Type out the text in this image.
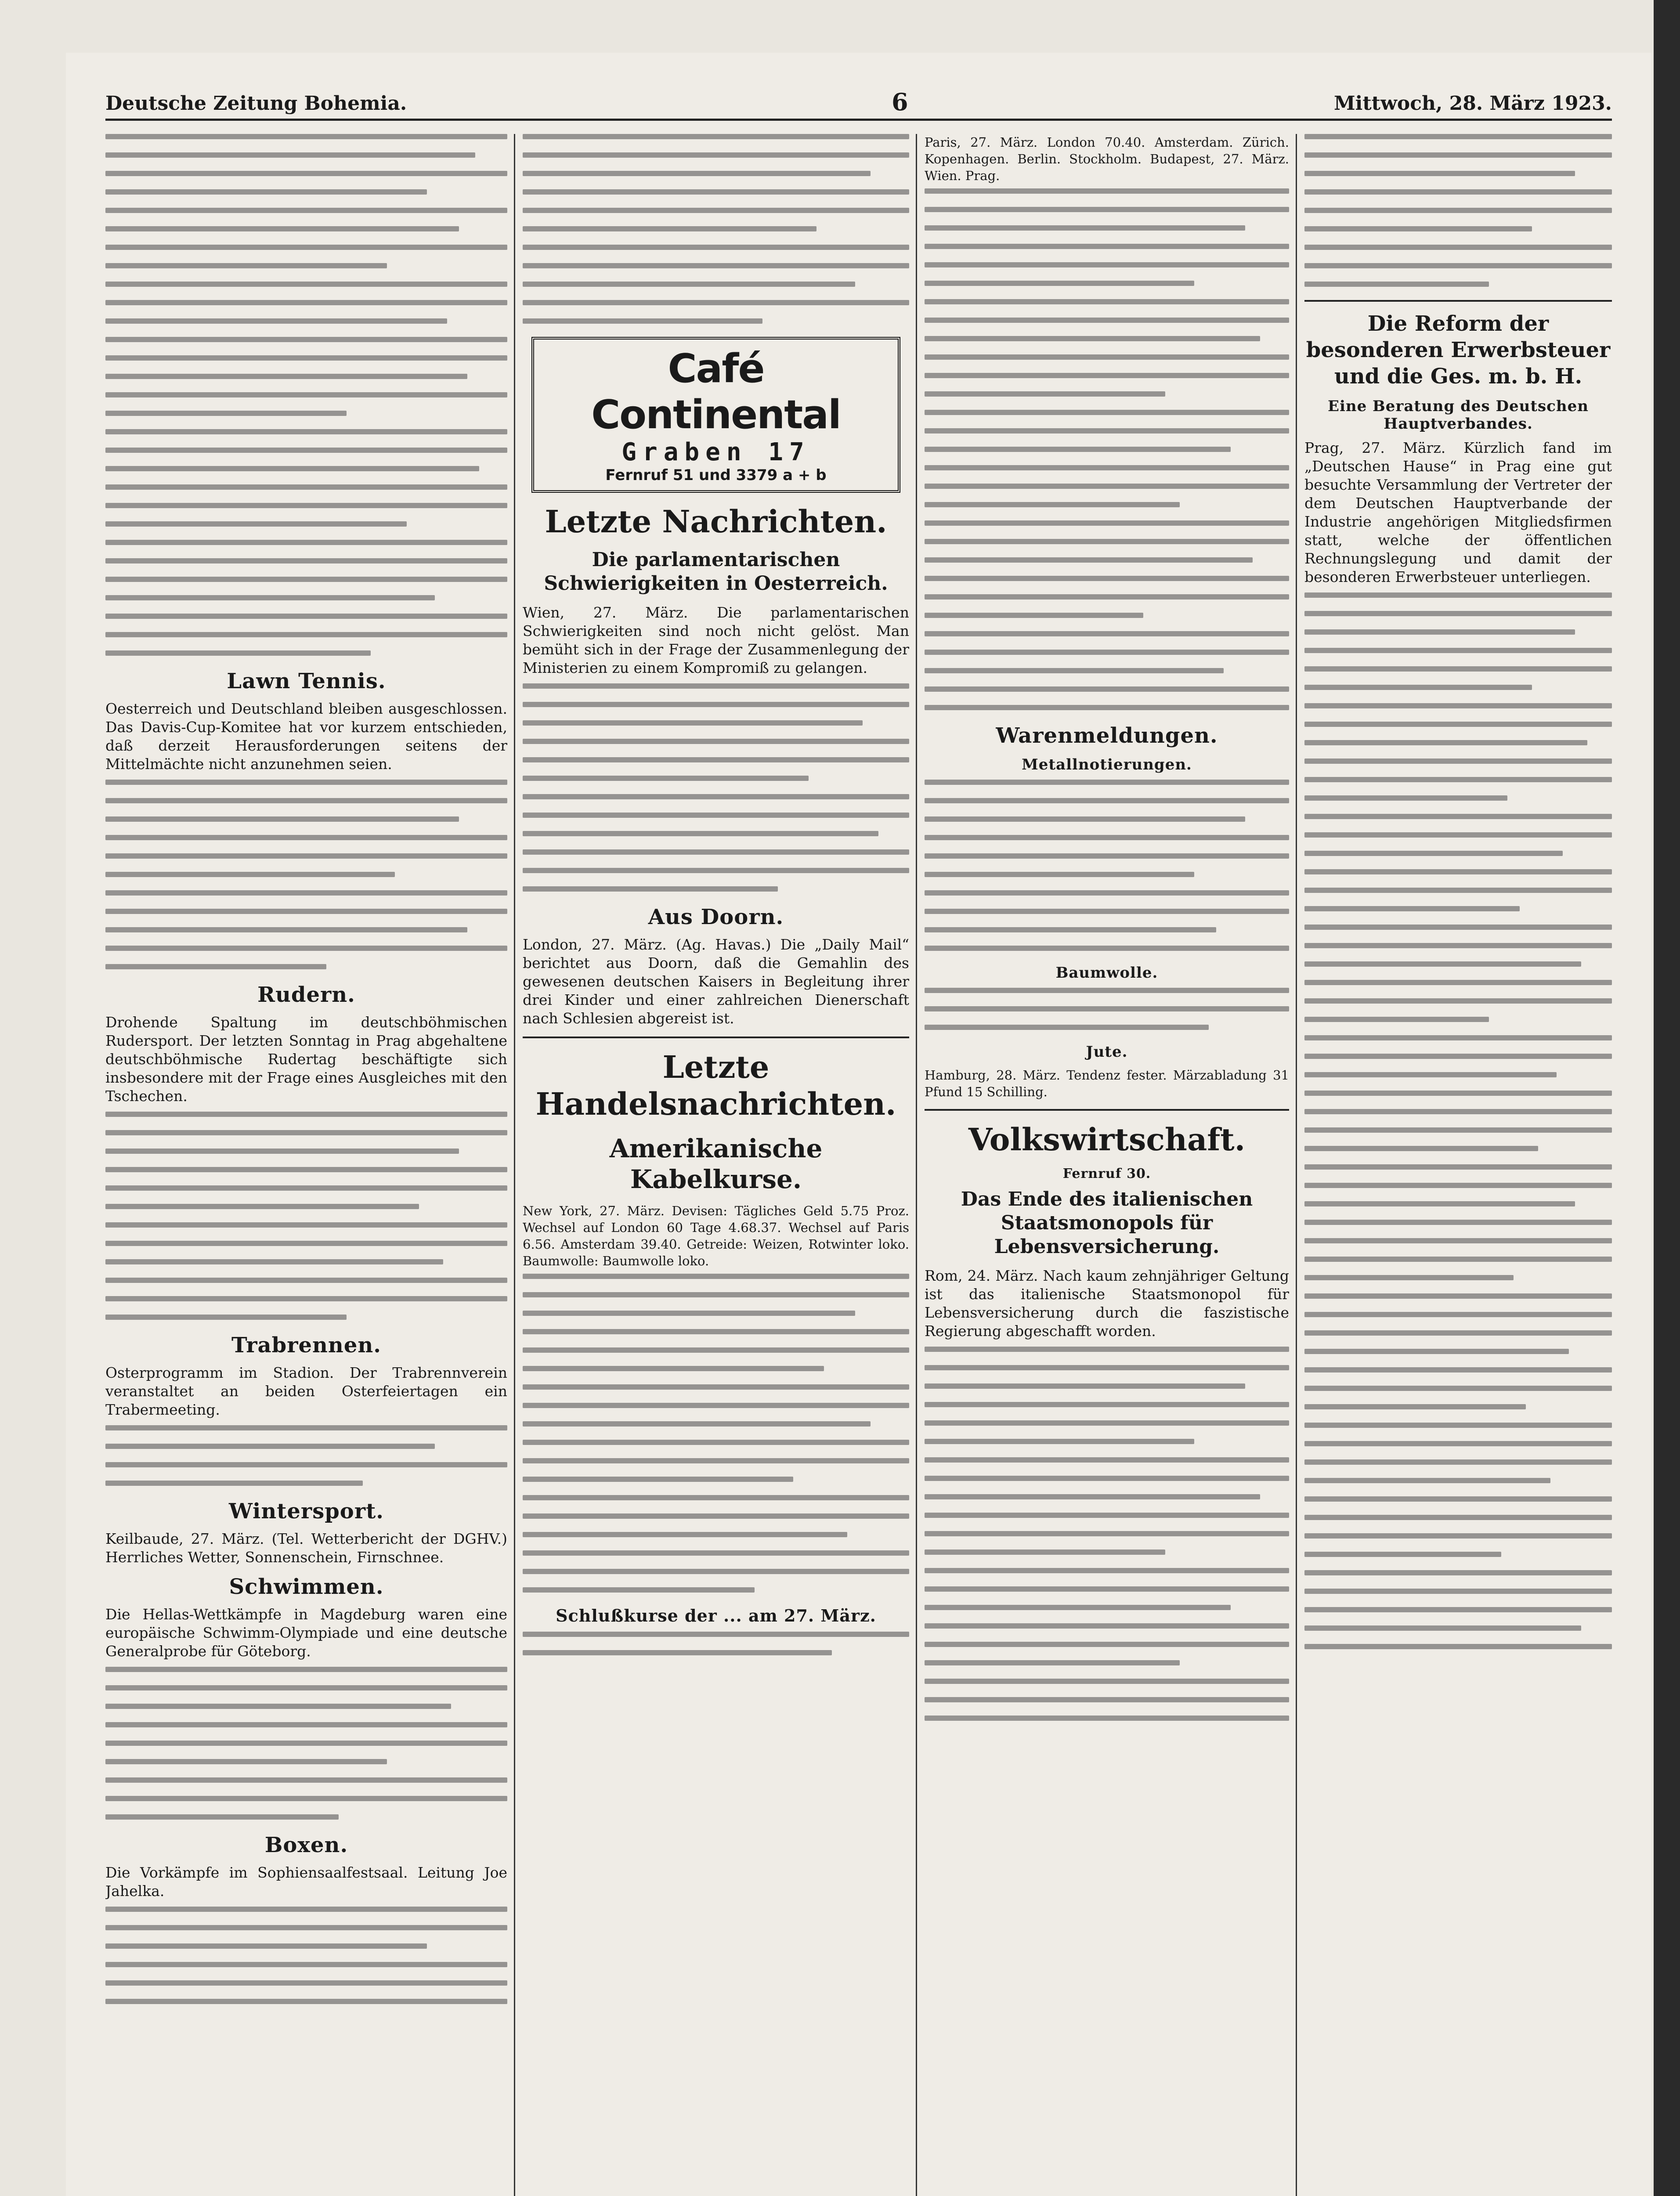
Deutsche Zeitung Bohemia.	6	Mittwoch, 28. März 1923.
Lawn Tennis.

Oesterreich und Deutschland bleiben ausgeschlossen. Das Davis-Cup-Komitee hat vor kurzem entschieden, daß derzeit Herausforderungen seitens der Mittelmächte nicht anzunehmen seien.

Rudern.

Drohende Spaltung im deutschböhmischen Rudersport. Der letzten Sonntag in Prag abgehaltene deutschböhmische Rudertag beschäftigte sich insbesondere mit der Frage eines Ausgleiches mit den Tschechen.

Trabrennen.

Osterprogramm im Stadion. Der Trabrennverein veranstaltet an beiden Osterfeiertagen ein Trabermeeting.

Wintersport.

Keilbaude, 27. März. (Tel. Wetterbericht der DGHV.) Herrliches Wetter, Sonnenschein, Firnschnee.

Schwimmen.

Die Hellas-Wettkämpfe in Magdeburg waren eine europäische Schwimm-Olympiade und eine deutsche Generalprobe für Göteborg.

Boxen.

Die Vorkämpfe im Sophiensaalfestsaal. Leitung Joe Jahelka.

Café Continental
Graben 17
Fernruf 51 und 3379 a + b
Letzte Nachrichten.
Die parlamentarischen Schwierigkeiten in Oesterreich.

Wien, 27. März. Die parlamentarischen Schwierigkeiten sind noch nicht gelöst. Man bemüht sich in der Frage der Zusammenlegung der Ministerien zu einem Kompromiß zu gelangen.

Aus Doorn.

London, 27. März. (Ag. Havas.) Die „Daily Mail“ berichtet aus Doorn, daß die Gemahlin des gewesenen deutschen Kaisers in Begleitung ihrer drei Kinder und einer zahlreichen Dienerschaft nach Schlesien abgereist ist.

Letzte Handelsnachrichten.
Amerikanische Kabelkurse.

New York, 27. März. Devisen: Tägliches Geld 5.75 Proz. Wechsel auf London 60 Tage 4.68.37. Wechsel auf Paris 6.56. Amsterdam 39.40. Getreide: Weizen, Rotwinter loko. Baumwolle: Baumwolle loko.

Schlußkurse der ... am 27. März.

Paris, 27. März. London 70.40. Amsterdam. Zürich. Kopenhagen. Berlin. Stockholm. Budapest, 27. März. Wien. Prag.

Warenmeldungen.
Metallnotierungen.
Baumwolle.
Jute.

Hamburg, 28. März. Tendenz fester. Märzabladung 31 Pfund 15 Schilling.

Volkswirtschaft.
Fernruf 30.
Das Ende des italienischen Staatsmonopols für Lebensversicherung.

Rom, 24. März. Nach kaum zehnjähriger Geltung ist das italienische Staatsmonopol für Lebensversicherung durch die faszistische Regierung abgeschafft worden.

Die Reform der besonderen Erwerbsteuer und die Ges. m. b. H.
Eine Beratung des Deutschen Hauptverbandes.

Prag, 27. März. Kürzlich fand im „Deutschen Hause“ in Prag eine gut besuchte Versammlung der Vertreter der dem Deutschen Hauptverbande der Industrie angehörigen Mitgliedsfirmen statt, welche der öffentlichen Rechnungslegung und damit der besonderen Erwerbsteuer unterliegen.
